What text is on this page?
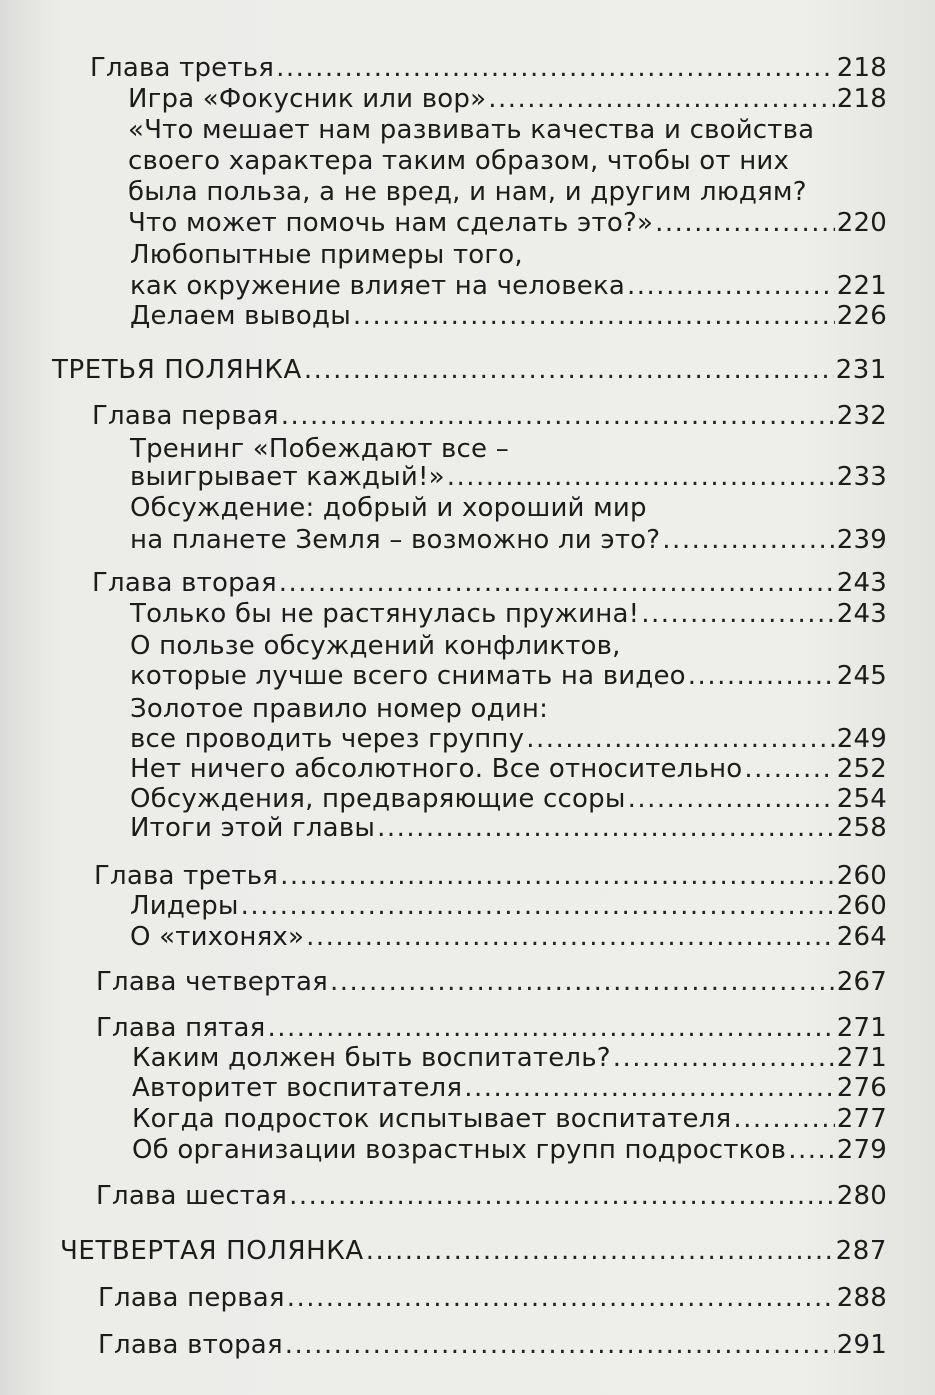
Глава третья .....	218
Игра «Фокусник или вор» .....	218
«Что мешает нам развивать качества и свойства
своего характера таким образом, чтобы от них
была польза, а не вред, и нам, и другим людям?
Что может помочь нам сделать это?» .....	220
Любопытные примеры того,
как окружение влияет на человека .....	221
Делаем выводы .....	226
ТРЕТЬЯ ПОЛЯНКА .....	231
Глава первая .....	232
Тренинг «Побеждают все –
выигрывает каждый!» .....	233
Обсуждение: добрый и хороший мир
на планете Земля – возможно ли это? .....	239
Глава вторая .....	243
Только бы не растянулась пружина! .....	243
О пользе обсуждений конфликтов,
которые лучше всего снимать на видео .....	245
Золотое правило номер один:
все проводить через группу .....	249
Нет ничего абсолютного. Все относительно .....	252
Обсуждения, предваряющие ссоры .....	254
Итоги этой главы .....	258
Глава третья .....	260
Лидеры .....	260
О «тихонях» .....	264
Глава четвертая .....	267
Глава пятая .....	271
Каким должен быть воспитатель? .....	271
Авторитет воспитателя .....	276
Когда подросток испытывает воспитателя .....	277
Об организации возрастных групп подростков ..... 279
Глава шестая .....	280
ЧЕТВЕРТАЯ ПОЛЯНКА .....	287
Глава первая .....	288
Глава вторая .....	291
